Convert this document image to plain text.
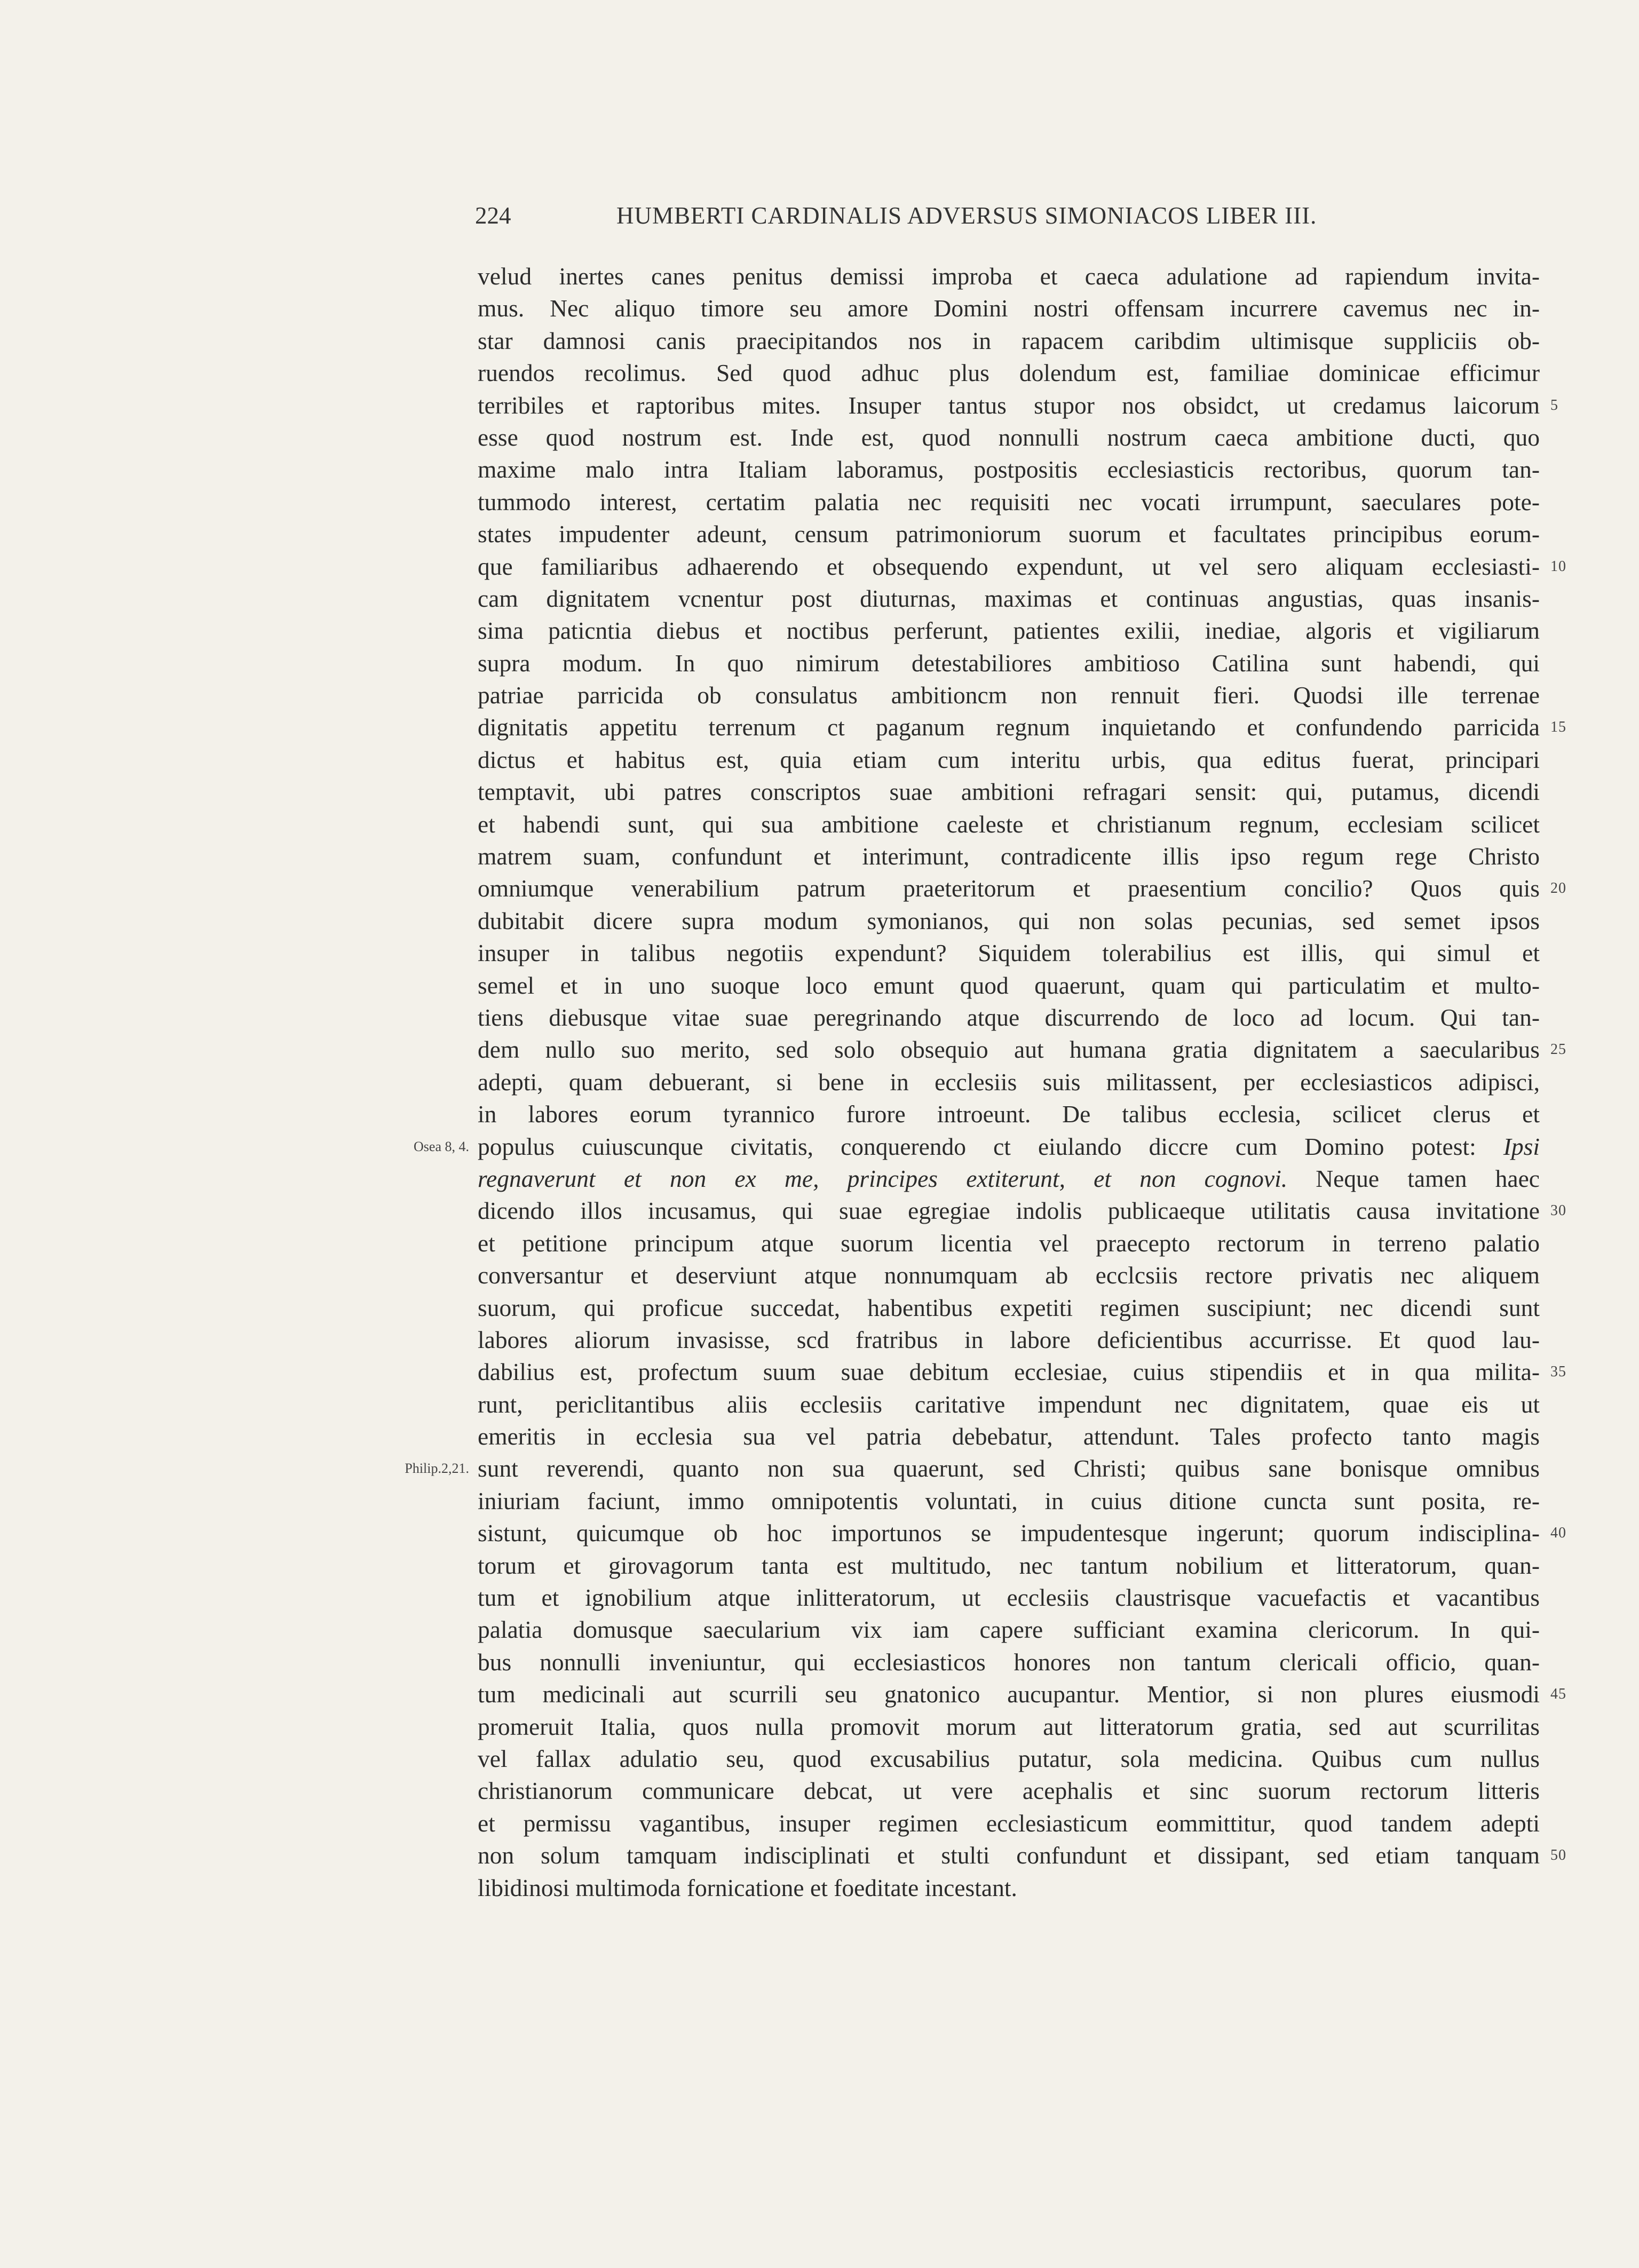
224	HUMBERTI CARDINALIS ADVERSUS SIMONIACOS LIBER III.
velud inertes canes penitus demissi improba et caeca adulatione ad rapiendum invita-
mus. Nec aliquo timore seu amore Domini nostri offensam incurrere cavemus nec in-
star damnosi canis praecipitandos nos in rapacem caribdim ultimisque suppliciis ob-
ruendos recolimus. Sed quod adhuc plus dolendum est, familiae dominicae efficimur
terribiles et raptoribus mites. Insuper tantus stupor nos obsidct, ut credamus laicorum 5
esse quod nostrum est. Inde est, quod nonnulli nostrum caeca ambitione ducti, quo
maxime malo intra Italiam laboramus, postpositis ecclesiasticis rectoribus, quorum tan-
tummodo interest, certatim palatia nec requisiti nec vocati irrumpunt, saeculares pote-
states impudenter adeunt, censum patrimoniorum suorum et facultates principibus eorum-
que familiaribus adhaerendo et obsequendo expendunt, ut vel sero aliquam ecclesiasti- 10
cam dignitatem vcnentur post diuturnas, maximas et continuas angustias, quas insanis-
sima paticntia diebus et noctibus perferunt, patientes exilii, inediae, algoris et vigiliarum
supra modum. In quo nimirum detestabiliores ambitioso Catilina sunt habendi, qui
patriae parricida ob consulatus ambitioncm non rennuit fieri. Quodsi ille terrenae
dignitatis appetitu terrenum ct paganum regnum inquietando et confundendo parricida 15
dictus et habitus est, quia etiam cum interitu urbis, qua editus fuerat, principari
temptavit, ubi patres conscriptos suae ambitioni refragari sensit: qui, putamus, dicendi
et habendi sunt, qui sua ambitione caeleste et christianum regnum, ecclesiam scilicet
matrem suam, confundunt et interimunt, contradicente illis ipso regum rege Christo
omniumque venerabilium patrum praeteritorum et praesentium concilio? Quos quis 20
dubitabit dicere supra modum symonianos, qui non solas pecunias, sed semet ipsos
insuper in talibus negotiis expendunt? Siquidem tolerabilius est illis, qui simul et
semel et in uno suoque loco emunt quod quaerunt, quam qui particulatim et multo-
tiens diebusque vitae suae peregrinando atque discurrendo de loco ad locum. Qui tan-
dem nullo suo merito, sed solo obsequio aut humana gratia dignitatem a saecularibus 25
adepti, quam debuerant, si bene in ecclesiis suis militassent, per ecclesiasticos adipisci,
in labores eorum tyrannico furore introeunt. De talibus ecclesia, scilicet clerus et
Osea 8, 4. populus cuiuscunque civitatis, conquerendo ct eiulando diccre cum Domino potest: Ipsi
regnaverunt et non ex me, principes extiterunt, et non cognovi. Neque tamen haec
dicendo illos incusamus, qui suae egregiae indolis publicaeque utilitatis causa invitatione 30
et petitione principum atque suorum licentia vel praecepto rectorum in terreno palatio
conversantur et deserviunt atque nonnumquam ab ecclcsiis rectore privatis nec aliquem
suorum, qui proficue succedat, habentibus expetiti regimen suscipiunt; nec dicendi sunt
labores aliorum invasisse, scd fratribus in labore deficientibus accurrisse. Et quod lau-
dabilius est, profectum suum suae debitum ecclesiae, cuius stipendiis et in qua milita- 35
runt, periclitantibus aliis ecclesiis caritative impendunt nec dignitatem, quae eis ut
emeritis in ecclesia sua vel patria debebatur, attendunt. Tales profecto tanto magis
Philip.2,21. sunt reverendi, quanto non sua quaerunt, sed Christi; quibus sane bonisque omnibus
iniuriam faciunt, immo omnipotentis voluntati, in cuius ditione cuncta sunt posita, re-
sistunt, quicumque ob hoc importunos se impudentesque ingerunt; quorum indisciplina- 40
torum et girovagorum tanta est multitudo, nec tantum nobilium et litteratorum, quan-
tum et ignobilium atque inlitteratorum, ut ecclesiis claustrisque vacuefactis et vacantibus
palatia domusque saecularium vix iam capere sufficiant examina clericorum. In qui-
bus nonnulli inveniuntur, qui ecclesiasticos honores non tantum clericali officio, quan-
tum medicinali aut scurrili seu gnatonico aucupantur. Mentior, si non plures eiusmodi 45
promeruit Italia, quos nulla promovit morum aut litteratorum gratia, sed aut scurrilitas
vel fallax adulatio seu, quod excusabilius putatur, sola medicina. Quibus cum nullus
christianorum communicare debcat, ut vere acephalis et sinc suorum rectorum litteris
et permissu vagantibus, insuper regimen ecclesiasticum eommittitur, quod tandem adepti
non solum tamquam indisciplinati et stulti confundunt et dissipant, sed etiam tanquam 50
libidinosi multimoda fornicatione et foeditate incestant.
